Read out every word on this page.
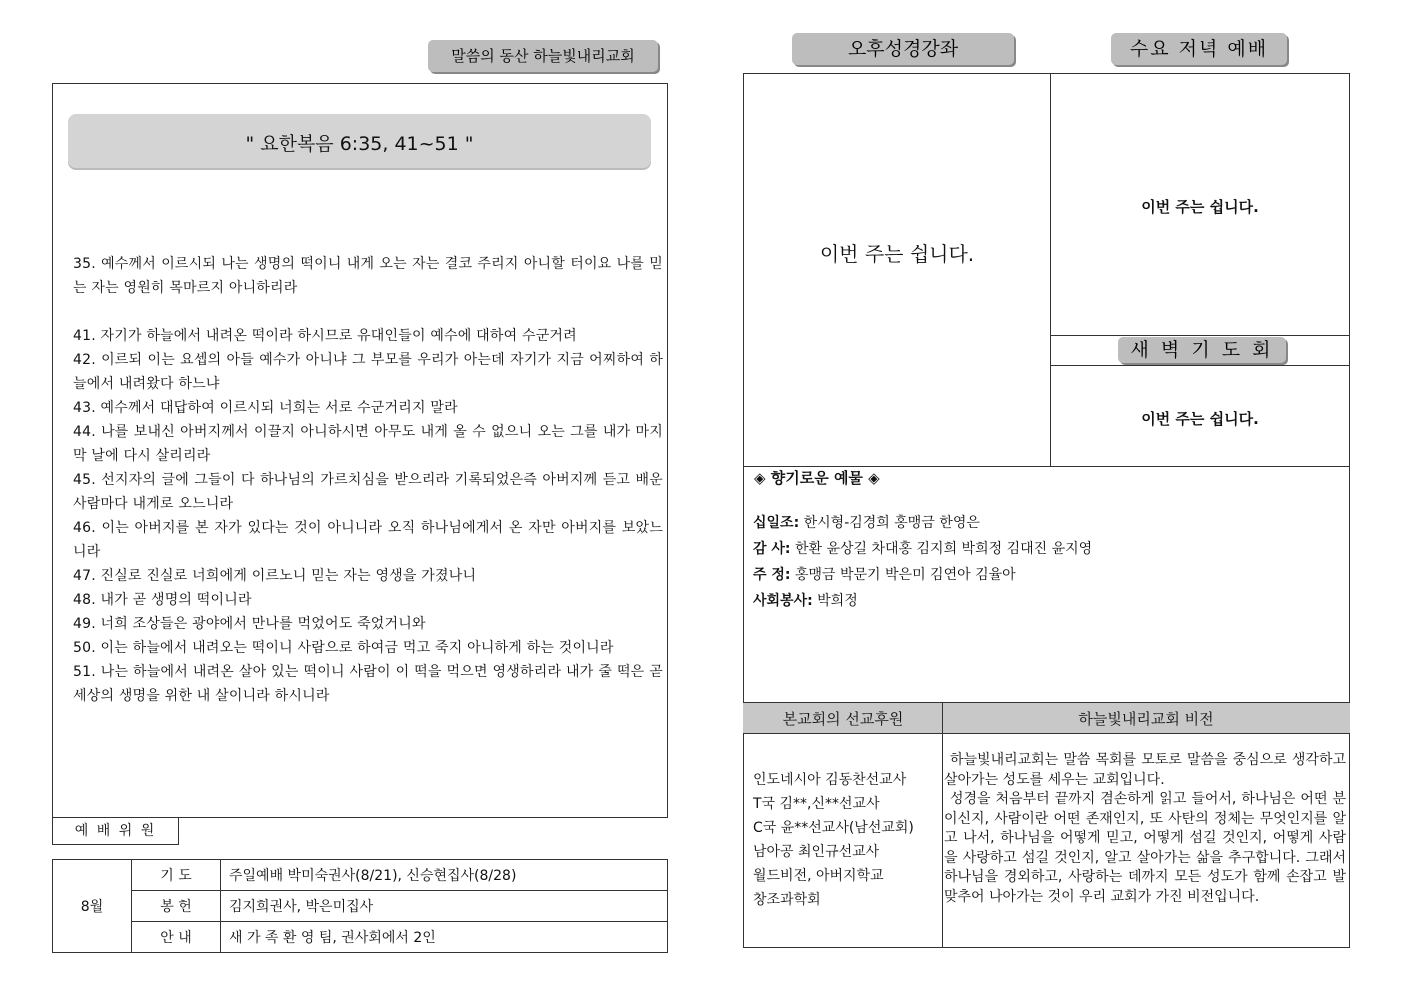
말씀의 동산 하늘빛내리교회
" 요한복음 6:35, 41~51 "

35. 예수께서 이르시되 나는 생명의 떡이니 내게 오는 자는 결코 주리지 아니할 터이요 나를 믿는 자는 영원히 목마르지 아니하리라

41. 자기가 하늘에서 내려온 떡이라 하시므로 유대인들이 예수에 대하여 수군거려

42. 이르되 이는 요셉의 아들 예수가 아니냐 그 부모를 우리가 아는데 자기가 지금 어찌하여 하늘에서 내려왔다 하느냐

43. 예수께서 대답하여 이르시되 너희는 서로 수군거리지 말라

44. 나를 보내신 아버지께서 이끌지 아니하시면 아무도 내게 올 수 없으니 오는 그를 내가 마지막 날에 다시 살리리라

45. 선지자의 글에 그들이 다 하나님의 가르치심을 받으리라 기록되었은즉 아버지께 듣고 배운 사람마다 내게로 오느니라

46. 이는 아버지를 본 자가 있다는 것이 아니니라 오직 하나님에게서 온 자만 아버지를 보았느니라

47. 진실로 진실로 너희에게 이르노니 믿는 자는 영생을 가졌나니

48. 내가 곧 생명의 떡이니라

49. 너희 조상들은 광야에서 만나를 먹었어도 죽었거니와

50. 이는 하늘에서 내려오는 떡이니 사람으로 하여금 먹고 죽지 아니하게 하는 것이니라

51. 나는 하늘에서 내려온 살아 있는 떡이니 사람이 이 떡을 먹으면 영생하리라 내가 줄 떡은 곧 세상의 생명을 위한 내 살이니라 하시니라

예 배 위 원
8월	기 도	주일예배 박미숙권사(8/21), 신승현집사(8/28)
	봉 헌	김지희권사, 박은미집사
	안 내	새 가 족 환 영 팀, 권사회에서 2인
오후성경강좌	수요 저녁 예배
이번 주는 쉽니다.
이번 주는 쉽니다.
새 벽 기 도 회
이번 주는 쉽니다.
◈ 향기로운 예물 ◈
십일조: 한시형-김경희 홍맹금 한영은
감 사: 한환 윤상길 차대홍 김지희 박희정 김대진 윤지영
주 정: 홍맹금 박문기 박은미 김연아 김율아
사회봉사: 박희정
본교회의 선교후원	하늘빛내리교회 비전
인도네시아 김동찬선교사
T국 김**,신**선교사
C국 윤**선교사(남선교회)
남아공 최인규선교사
월드비전, 아버지학교
창조과학회

하늘빛내리교회는 말씀 목회를 모토로 말씀을 중심으로 생각하고 살아가는 성도를 세우는 교회입니다.

성경을 처음부터 끝까지 겸손하게 읽고 들어서, 하나님은 어떤 분이신지, 사람이란 어떤 존재인지, 또 사탄의 정체는 무엇인지를 알고 나서, 하나님을 어떻게 믿고, 어떻게 섬길 것인지, 어떻게 사람을 사랑하고 섬길 것인지, 알고 살아가는 삶을 추구합니다. 그래서 하나님을 경외하고, 사랑하는 데까지 모든 성도가 함께 손잡고 발 맞추어 나아가는 것이 우리 교회가 가진 비전입니다.
